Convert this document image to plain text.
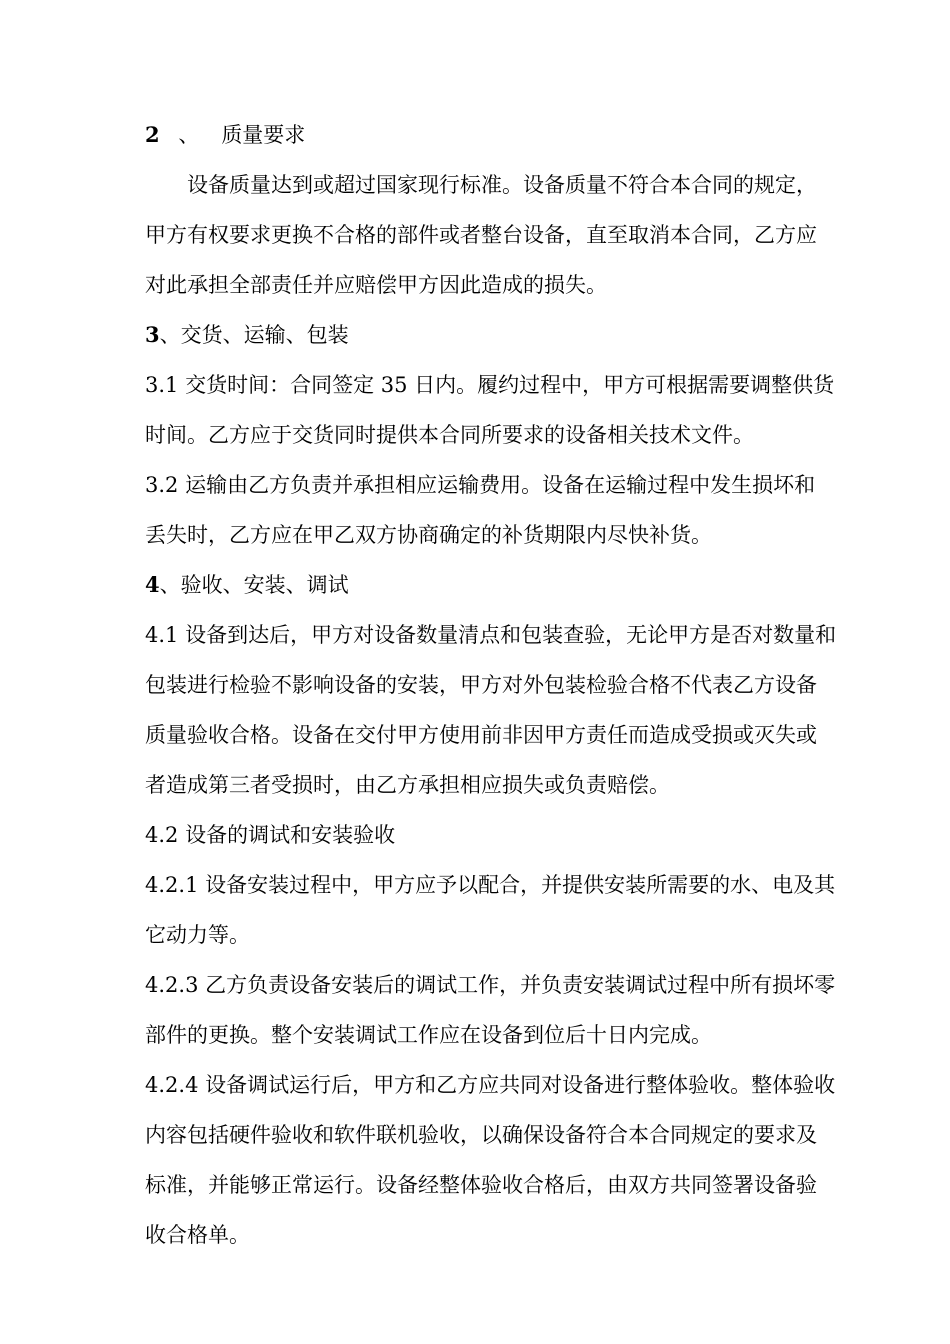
2 、 质量要求
设备质量达到或超过国家现行标准。设备质量不符合本合同的规定，
甲方有权要求更换不合格的部件或者整台设备，直至取消本合同，乙方应
对此承担全部责任并应赔偿甲方因此造成的损失。
3、交货、运输、包装
3.1 交货时间：合同签定 35 日内。履约过程中，甲方可根据需要调整供货
时间。乙方应于交货同时提供本合同所要求的设备相关技术文件。
3.2 运输由乙方负责并承担相应运输费用。设备在运输过程中发生损坏和
丢失时，乙方应在甲乙双方协商确定的补货期限内尽快补货。
4、验收、安装、调试
4.1 设备到达后，甲方对设备数量清点和包装查验，无论甲方是否对数量和
包装进行检验不影响设备的安装，甲方对外包装检验合格不代表乙方设备
质量验收合格。设备在交付甲方使用前非因甲方责任而造成受损或灭失或
者造成第三者受损时，由乙方承担相应损失或负责赔偿。
4.2 设备的调试和安装验收
4.2.1 设备安装过程中，甲方应予以配合，并提供安装所需要的水、电及其
它动力等。
4.2.3 乙方负责设备安装后的调试工作，并负责安装调试过程中所有损坏零
部件的更换。整个安装调试工作应在设备到位后十日内完成。
4.2.4 设备调试运行后，甲方和乙方应共同对设备进行整体验收。整体验收
内容包括硬件验收和软件联机验收，以确保设备符合本合同规定的要求及
标准，并能够正常运行。设备经整体验收合格后，由双方共同签署设备验
收合格单。
